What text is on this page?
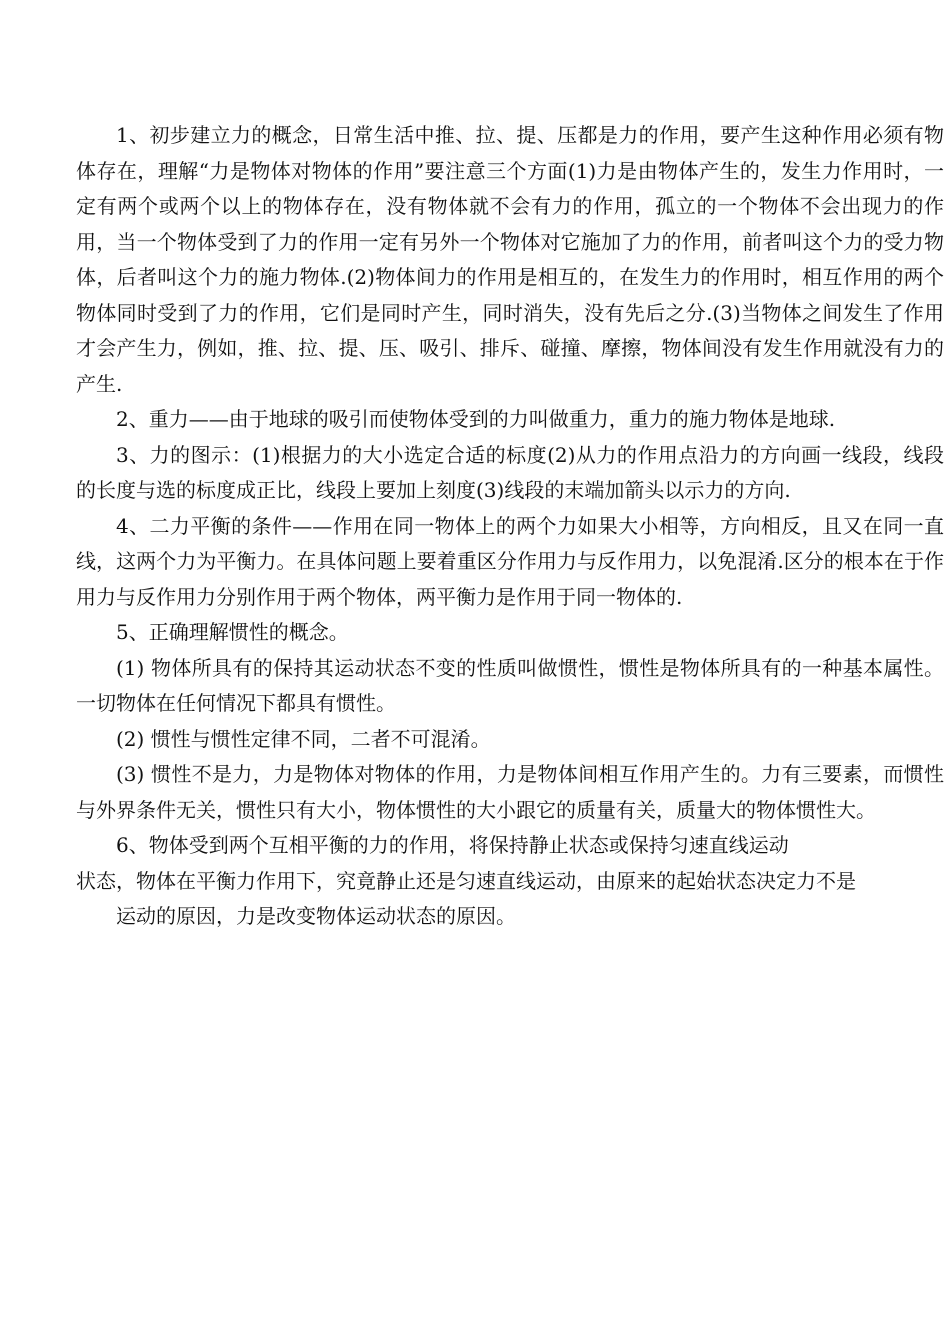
1、初步建立力的概念，日常生活中推、拉、提、压都是力的作用，要产生这种作用必须有物体存在，理解“力是物体对物体的作用”要注意三个方面(1)力是由物体产生的，发生力作用时，一定有两个或两个以上的物体存在，没有物体就不会有力的作用，孤立的一个物体不会出现力的作用，当一个物体受到了力的作用一定有另外一个物体对它施加了力的作用，前者叫这个力的受力物体，后者叫这个力的施力物体.(2)物体间力的作用是相互的，在发生力的作用时，相互作用的两个物体同时受到了力的作用，它们是同时产生，同时消失，没有先后之分.(3)当物体之间发生了作用才会产生力，例如，推、拉、提、压、吸引、排斥、碰撞、摩擦，物体间没有发生作用就没有力的产生.

2、重力——由于地球的吸引而使物体受到的力叫做重力，重力的施力物体是地球.

3、力的图示：(1)根据力的大小选定合适的标度(2)从力的作用点沿力的方向画一线段，线段的长度与选的标度成正比，线段上要加上刻度(3)线段的末端加箭头以示力的方向.

4、二力平衡的条件——作用在同一物体上的两个力如果大小相等，方向相反，且又在同一直线，这两个力为平衡力。在具体问题上要着重区分作用力与反作用力，以免混淆.区分的根本在于作用力与反作用力分别作用于两个物体，两平衡力是作用于同一物体的.

5、正确理解惯性的概念。

(1) 物体所具有的保持其运动状态不变的性质叫做惯性，惯性是物体所具有的一种基本属性。一切物体在任何情况下都具有惯性。

(2) 惯性与惯性定律不同，二者不可混淆。

(3) 惯性不是力，力是物体对物体的作用，力是物体间相互作用产生的。力有三要素，而惯性与外界条件无关，惯性只有大小，物体惯性的大小跟它的质量有关，质量大的物体惯性大。

6、物体受到两个互相平衡的力的作用，将保持静止状态或保持匀速直线运动

状态，物体在平衡力作用下，究竟静止还是匀速直线运动，由原来的起始状态决定力不是

运动的原因，力是改变物体运动状态的原因。
